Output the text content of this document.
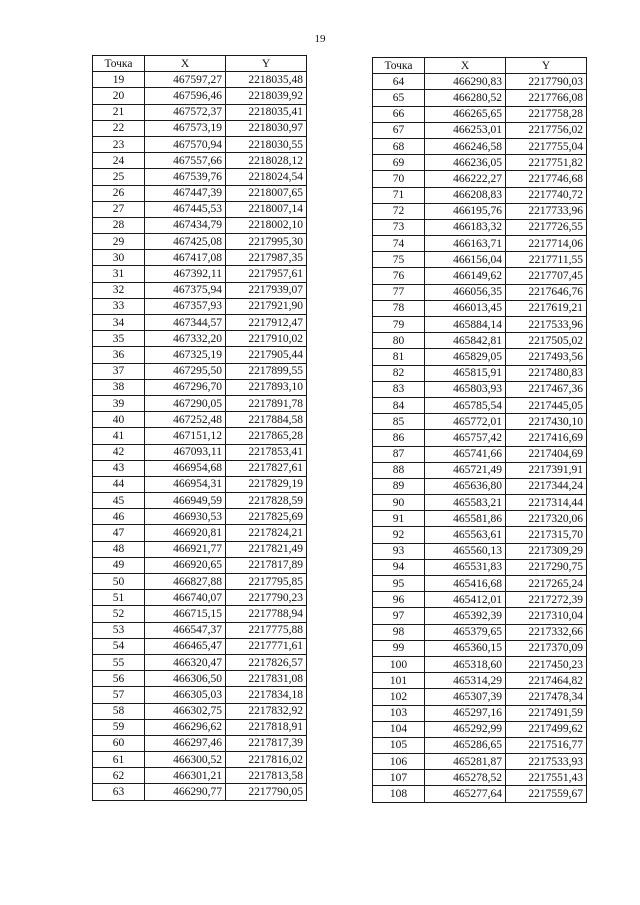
19
Точка	X	Y
19	467597,27	2218035,48
20	467596,46	2218039,92
21	467572,37	2218035,41
22	467573,19	2218030,97
23	467570,94	2218030,55
24	467557,66	2218028,12
25	467539,76	2218024,54
26	467447,39	2218007,65
27	467445,53	2218007,14
28	467434,79	2218002,10
29	467425,08	2217995,30
30	467417,08	2217987,35
31	467392,11	2217957,61
32	467375,94	2217939,07
33	467357,93	2217921,90
34	467344,57	2217912,47
35	467332,20	2217910,02
36	467325,19	2217905,44
37	467295,50	2217899,55
38	467296,70	2217893,10
39	467290,05	2217891,78
40	467252,48	2217884,58
41	467151,12	2217865,28
42	467093,11	2217853,41
43	466954,68	2217827,61
44	466954,31	2217829,19
45	466949,59	2217828,59
46	466930,53	2217825,69
47	466920,81	2217824,21
48	466921,77	2217821,49
49	466920,65	2217817,89
50	466827,88	2217795,85
51	466740,07	2217790,23
52	466715,15	2217788,94
53	466547,37	2217775,88
54	466465,47	2217771,61
55	466320,47	2217826,57
56	466306,50	2217831,08
57	466305,03	2217834,18
58	466302,75	2217832,92
59	466296,62	2217818,91
60	466297,46	2217817,39
61	466300,52	2217816,02
62	466301,21	2217813,58
63	466290,77	2217790,05
Точка	X	Y
64	466290,83	2217790,03
65	466280,52	2217766,08
66	466265,65	2217758,28
67	466253,01	2217756,02
68	466246,58	2217755,04
69	466236,05	2217751,82
70	466222,27	2217746,68
71	466208,83	2217740,72
72	466195,76	2217733,96
73	466183,32	2217726,55
74	466163,71	2217714,06
75	466156,04	2217711,55
76	466149,62	2217707,45
77	466056,35	2217646,76
78	466013,45	2217619,21
79	465884,14	2217533,96
80	465842,81	2217505,02
81	465829,05	2217493,56
82	465815,91	2217480,83
83	465803,93	2217467,36
84	465785,54	2217445,05
85	465772,01	2217430,10
86	465757,42	2217416,69
87	465741,66	2217404,69
88	465721,49	2217391,91
89	465636,80	2217344,24
90	465583,21	2217314,44
91	465581,86	2217320,06
92	465563,61	2217315,70
93	465560,13	2217309,29
94	465531,83	2217290,75
95	465416,68	2217265,24
96	465412,01	2217272,39
97	465392,39	2217310,04
98	465379,65	2217332,66
99	465360,15	2217370,09
100	465318,60	2217450,23
101	465314,29	2217464,82
102	465307,39	2217478,34
103	465297,16	2217491,59
104	465292,99	2217499,62
105	465286,65	2217516,77
106	465281,87	2217533,93
107	465278,52	2217551,43
108	465277,64	2217559,67
